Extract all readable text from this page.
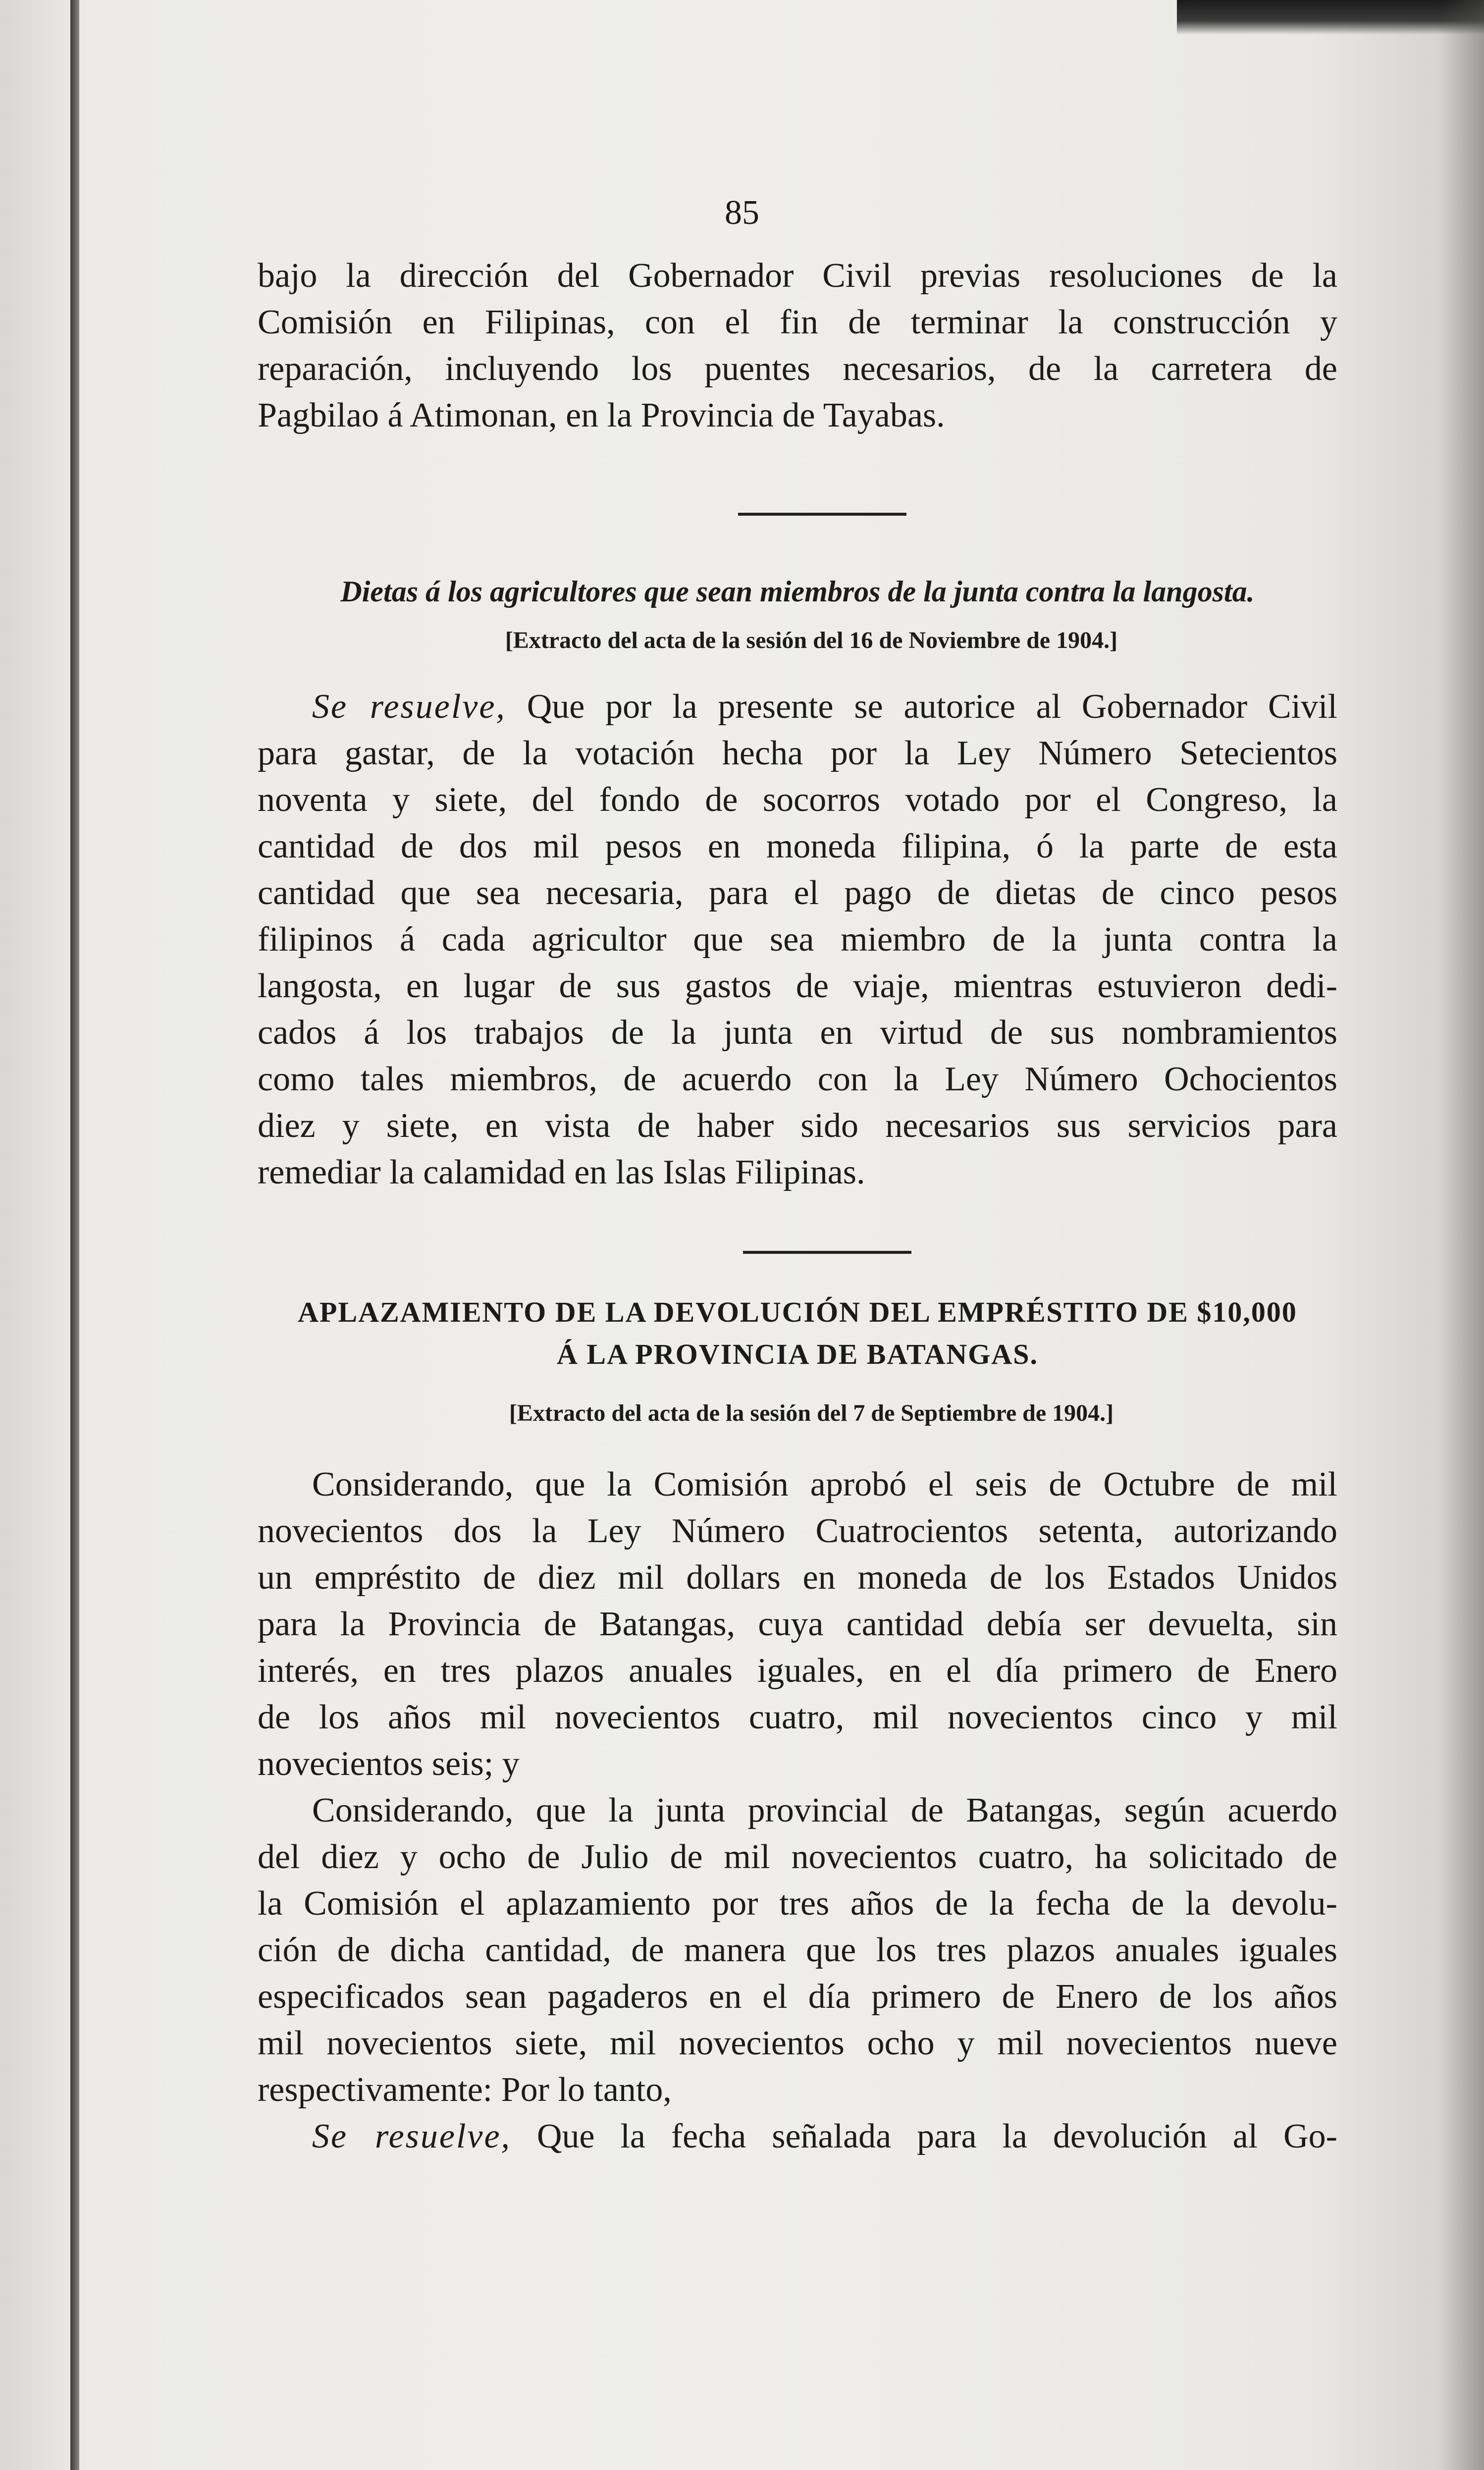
85
bajo la dirección del Gobernador Civil previas resoluciones de la
Comisión en Filipinas, con el fin de terminar la construcción y
reparación, incluyendo los puentes necesarios, de la carretera de
Pagbilao á Atimonan, en la Provincia de Tayabas.
Dietas á los agricultores que sean miembros de la junta contra la langosta.
[Extracto del acta de la sesión del 16 de Noviembre de 1904.]
Se resuelve, Que por la presente se autorice al Gobernador Civil
para gastar, de la votación hecha por la Ley Número Setecientos
noventa y siete, del fondo de socorros votado por el Congreso, la
cantidad de dos mil pesos en moneda filipina, ó la parte de esta
cantidad que sea necesaria, para el pago de dietas de cinco pesos
filipinos á cada agricultor que sea miembro de la junta contra la
langosta, en lugar de sus gastos de viaje, mientras estuvieron dedi-
cados á los trabajos de la junta en virtud de sus nombramientos
como tales miembros, de acuerdo con la Ley Número Ochocientos
diez y siete, en vista de haber sido necesarios sus servicios para
remediar la calamidad en las Islas Filipinas.
APLAZAMIENTO DE LA DEVOLUCIÓN DEL EMPRÉSTITO DE $10,000
Á LA PROVINCIA DE BATANGAS.
[Extracto del acta de la sesión del 7 de Septiembre de 1904.]
Considerando, que la Comisión aprobó el seis de Octubre de mil
novecientos dos la Ley Número Cuatrocientos setenta, autorizando
un empréstito de diez mil dollars en moneda de los Estados Unidos
para la Provincia de Batangas, cuya cantidad debía ser devuelta, sin
interés, en tres plazos anuales iguales, en el día primero de Enero
de los años mil novecientos cuatro, mil novecientos cinco y mil
novecientos seis; y
Considerando, que la junta provincial de Batangas, según acuerdo
del diez y ocho de Julio de mil novecientos cuatro, ha solicitado de
la Comisión el aplazamiento por tres años de la fecha de la devolu-
ción de dicha cantidad, de manera que los tres plazos anuales iguales
especificados sean pagaderos en el día primero de Enero de los años
mil novecientos siete, mil novecientos ocho y mil novecientos nueve
respectivamente: Por lo tanto,
Se resuelve, Que la fecha señalada para la devolución al Go-
